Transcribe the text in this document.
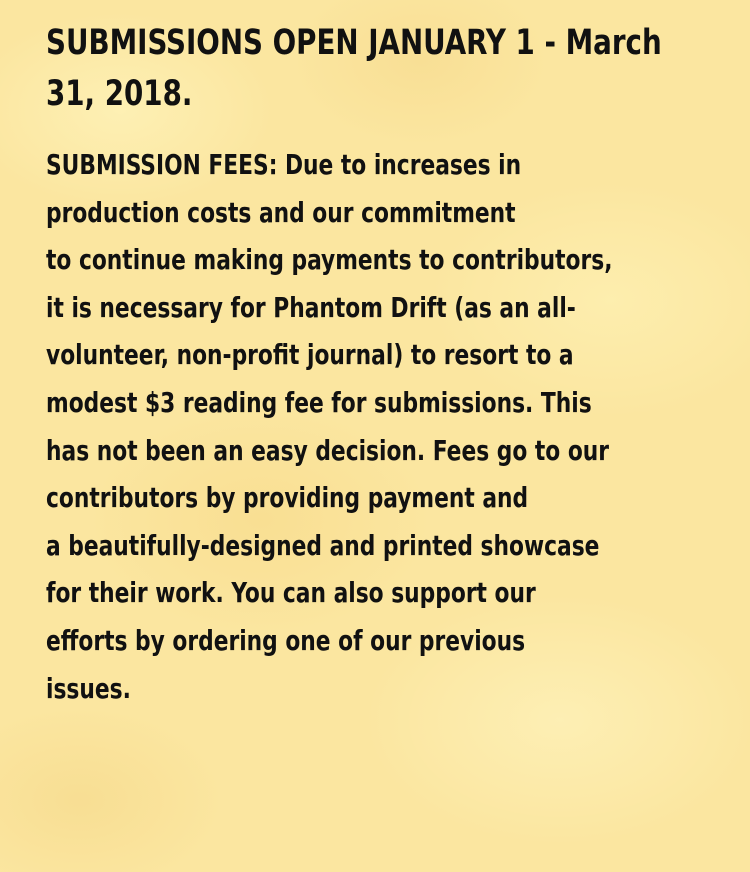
SUBMISSIONS OPEN JANUARY 1 - March
31, 2018.

SUBMISSION FEES: Due to increases in
production costs and our commitment
to continue making payments to contributors,
it is necessary for Phantom Drift (as an all-
volunteer, non-profit journal) to resort to a
modest $3 reading fee for submissions. This
has not been an easy decision. Fees go to our
contributors by providing payment and
a beautifully-designed and printed showcase
for their work. You can also support our
efforts by ordering one of our previous
issues.
